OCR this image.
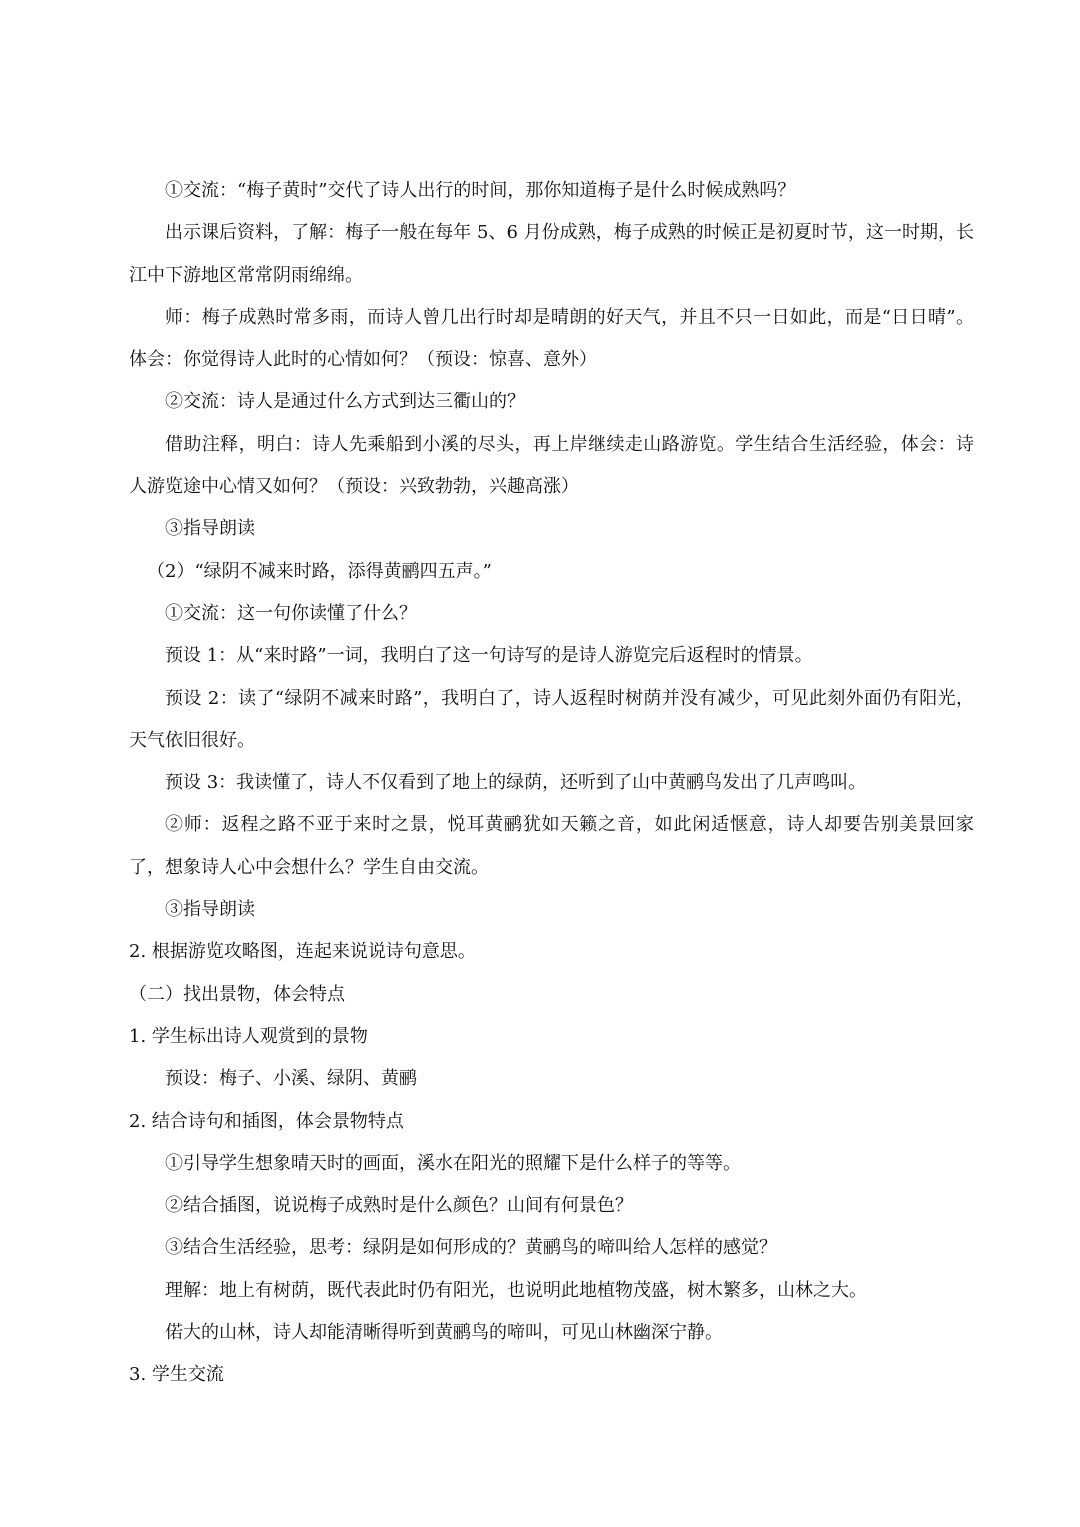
①交流：“梅子黄时”交代了诗人出行的时间，那你知道梅子是什么时候成熟吗？

出示课后资料，了解：梅子一般在每年 5、6 月份成熟，梅子成熟的时候正是初夏时节，这一时期，长江中下游地区常常阴雨绵绵。

师：梅子成熟时常多雨，而诗人曾几出行时却是晴朗的好天气，并且不只一日如此，而是“日日晴”。体会：你觉得诗人此时的心情如何？（预设：惊喜、意外）

②交流：诗人是通过什么方式到达三衢山的？

借助注释，明白：诗人先乘船到小溪的尽头，再上岸继续走山路游览。学生结合生活经验，体会：诗人游览途中心情又如何？（预设：兴致勃勃，兴趣高涨）

③指导朗读

（2）“绿阴不减来时路，添得黄鹂四五声。”

①交流：这一句你读懂了什么？

预设 1：从“来时路”一词，我明白了这一句诗写的是诗人游览完后返程时的情景。

预设 2：读了“绿阴不减来时路”，我明白了，诗人返程时树荫并没有减少，可见此刻外面仍有阳光，天气依旧很好。

预设 3：我读懂了，诗人不仅看到了地上的绿荫，还听到了山中黄鹂鸟发出了几声鸣叫。

②师：返程之路不亚于来时之景，悦耳黄鹂犹如天籁之音，如此闲适惬意，诗人却要告别美景回家了，想象诗人心中会想什么？学生自由交流。

③指导朗读

2. 根据游览攻略图，连起来说说诗句意思。

（二）找出景物，体会特点

1. 学生标出诗人观赏到的景物

预设：梅子、小溪、绿阴、黄鹂

2. 结合诗句和插图，体会景物特点

①引导学生想象晴天时的画面，溪水在阳光的照耀下是什么样子的等等。

②结合插图，说说梅子成熟时是什么颜色？山间有何景色？

③结合生活经验，思考：绿阴是如何形成的？黄鹂鸟的啼叫给人怎样的感觉？

理解：地上有树荫，既代表此时仍有阳光，也说明此地植物茂盛，树木繁多，山林之大。

偌大的山林，诗人却能清晰得听到黄鹂鸟的啼叫，可见山林幽深宁静。

3. 学生交流
